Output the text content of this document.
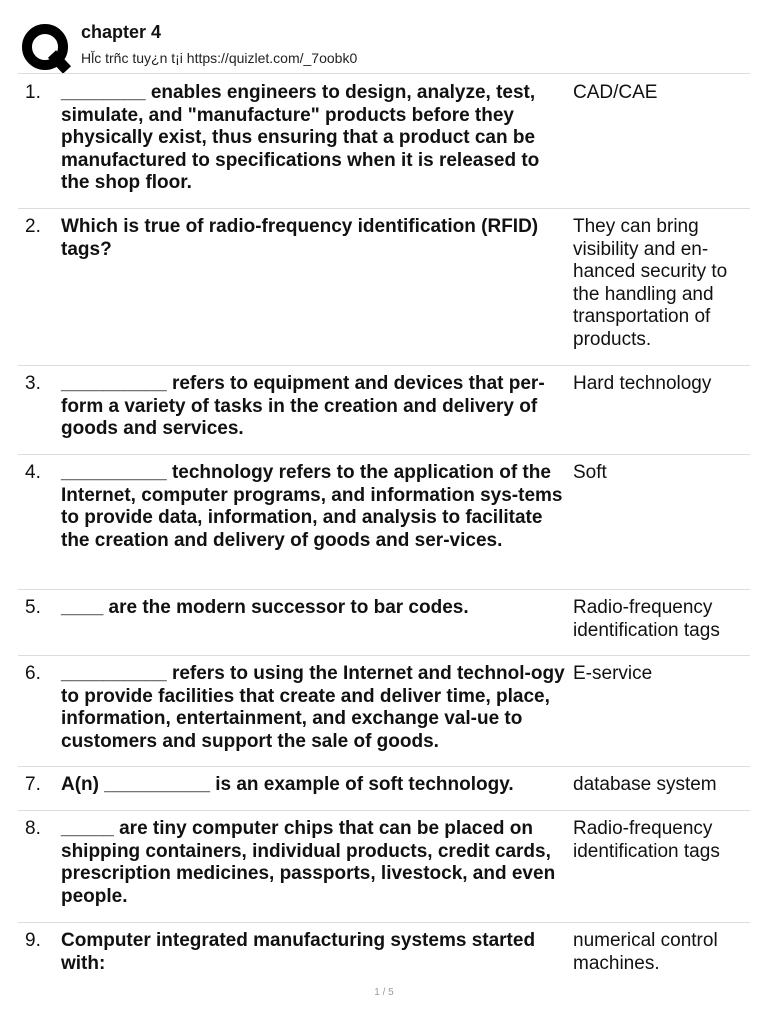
chapter 4
Hl̆c trñc tuy¿n t¡i https://quizlet.com/_7oobk0
1. ________ enables engineers to design, analyze, test, simulate, and "manufacture" products before they physically exist, thus ensuring that a product can be manufactured to specifications when it is released to the shop floor.
CAD/CAE
2. Which is true of radio-frequency identification (RFID) tags?
They can bring visibility and en-hanced security to the handling and transportation of products.
3. __________ refers to equipment and devices that per-form a variety of tasks in the creation and delivery of goods and services.
Hard technology
4. __________ technology refers to the application of the Internet, computer programs, and information sys-tems to provide data, information, and analysis to facilitate the creation and delivery of goods and ser-vices.
Soft
5. ____ are the modern successor to bar codes.	Radio-frequency identification tags
6. __________ refers to using the Internet and technol-ogy to provide facilities that create and deliver time, place, information, entertainment, and exchange val-ue to customers and support the sale of goods.
E-service
7. A(n) __________ is an example of soft technology.	database system
8. _____ are tiny computer chips that can be placed on shipping containers, individual products, credit cards, prescription medicines, passports, livestock, and even people.
Radio-frequency identification tags
9. Computer integrated manufacturing systems started with:
numerical control machines.
1 / 5
